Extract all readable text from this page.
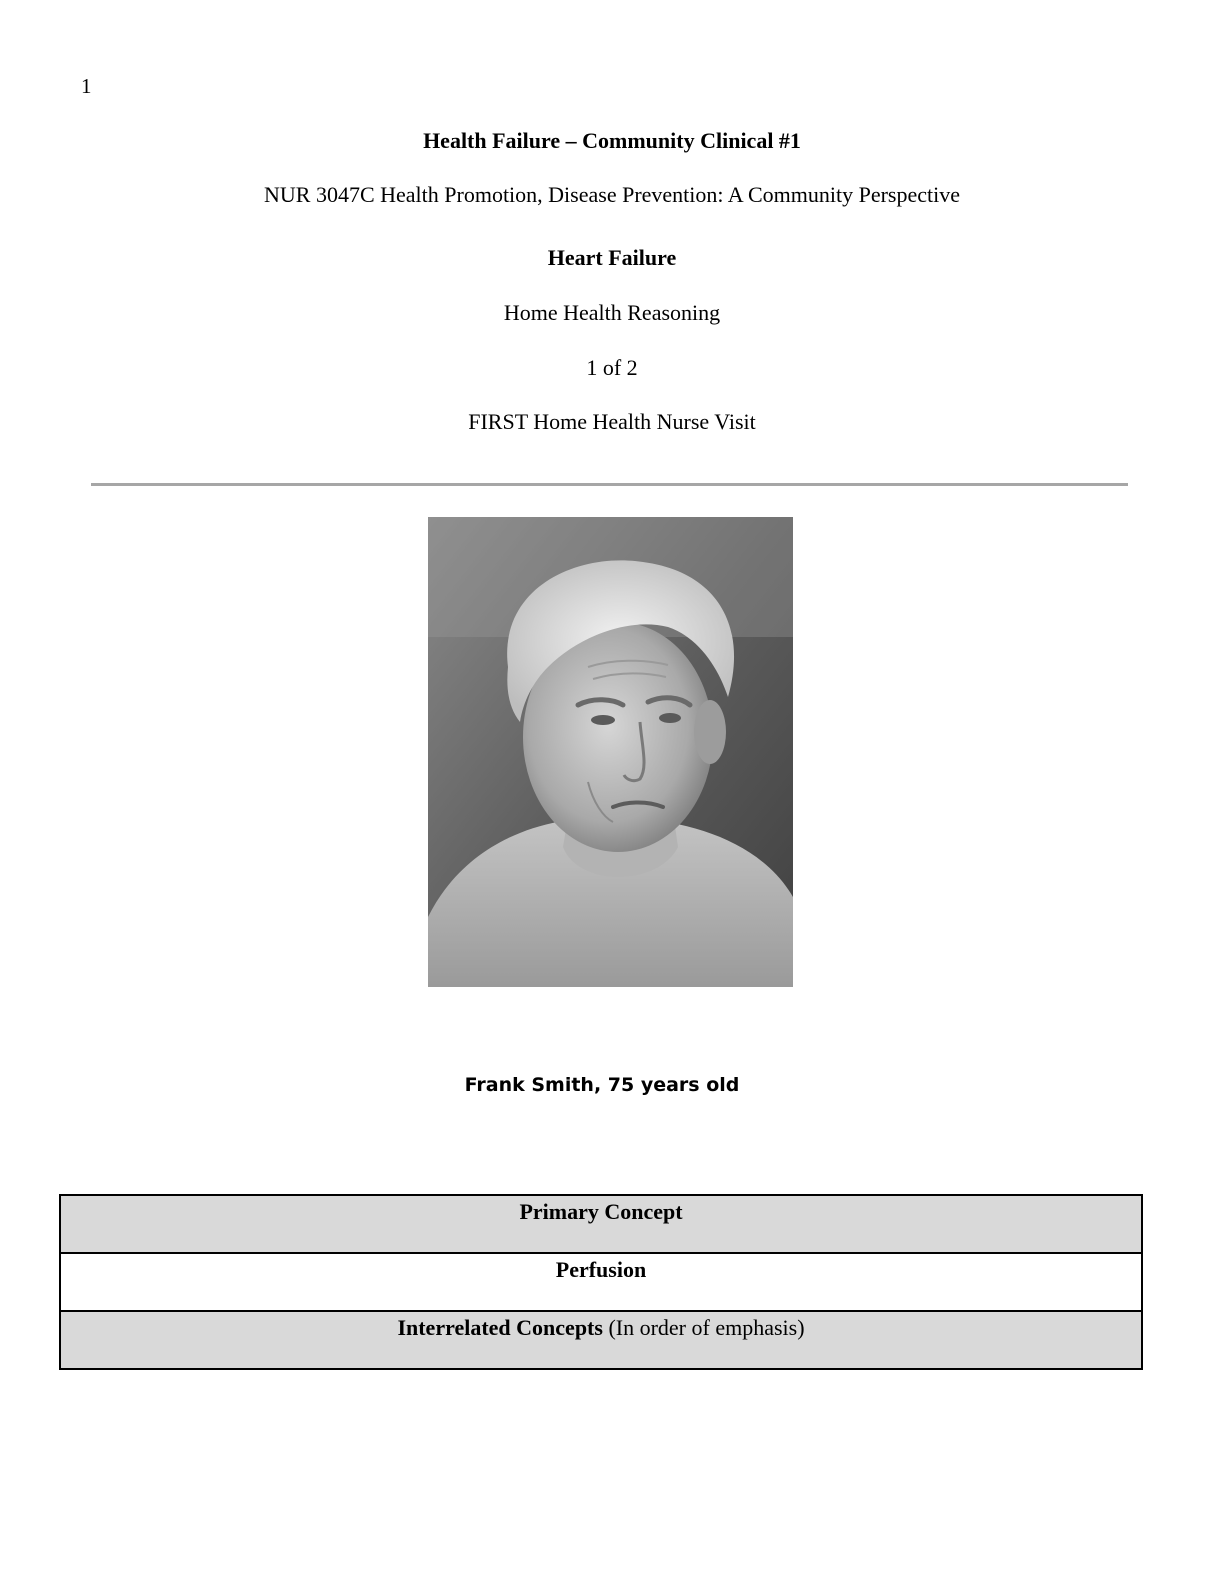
1
Health Failure – Community Clinical #1
NUR 3047C Health Promotion, Disease Prevention: A Community Perspective
Heart Failure
Home Health Reasoning
1 of 2
FIRST Home Health Nurse Visit
Frank Smith, 75 years old
Primary Concept
Perfusion
Interrelated Concepts (In order of emphasis)
